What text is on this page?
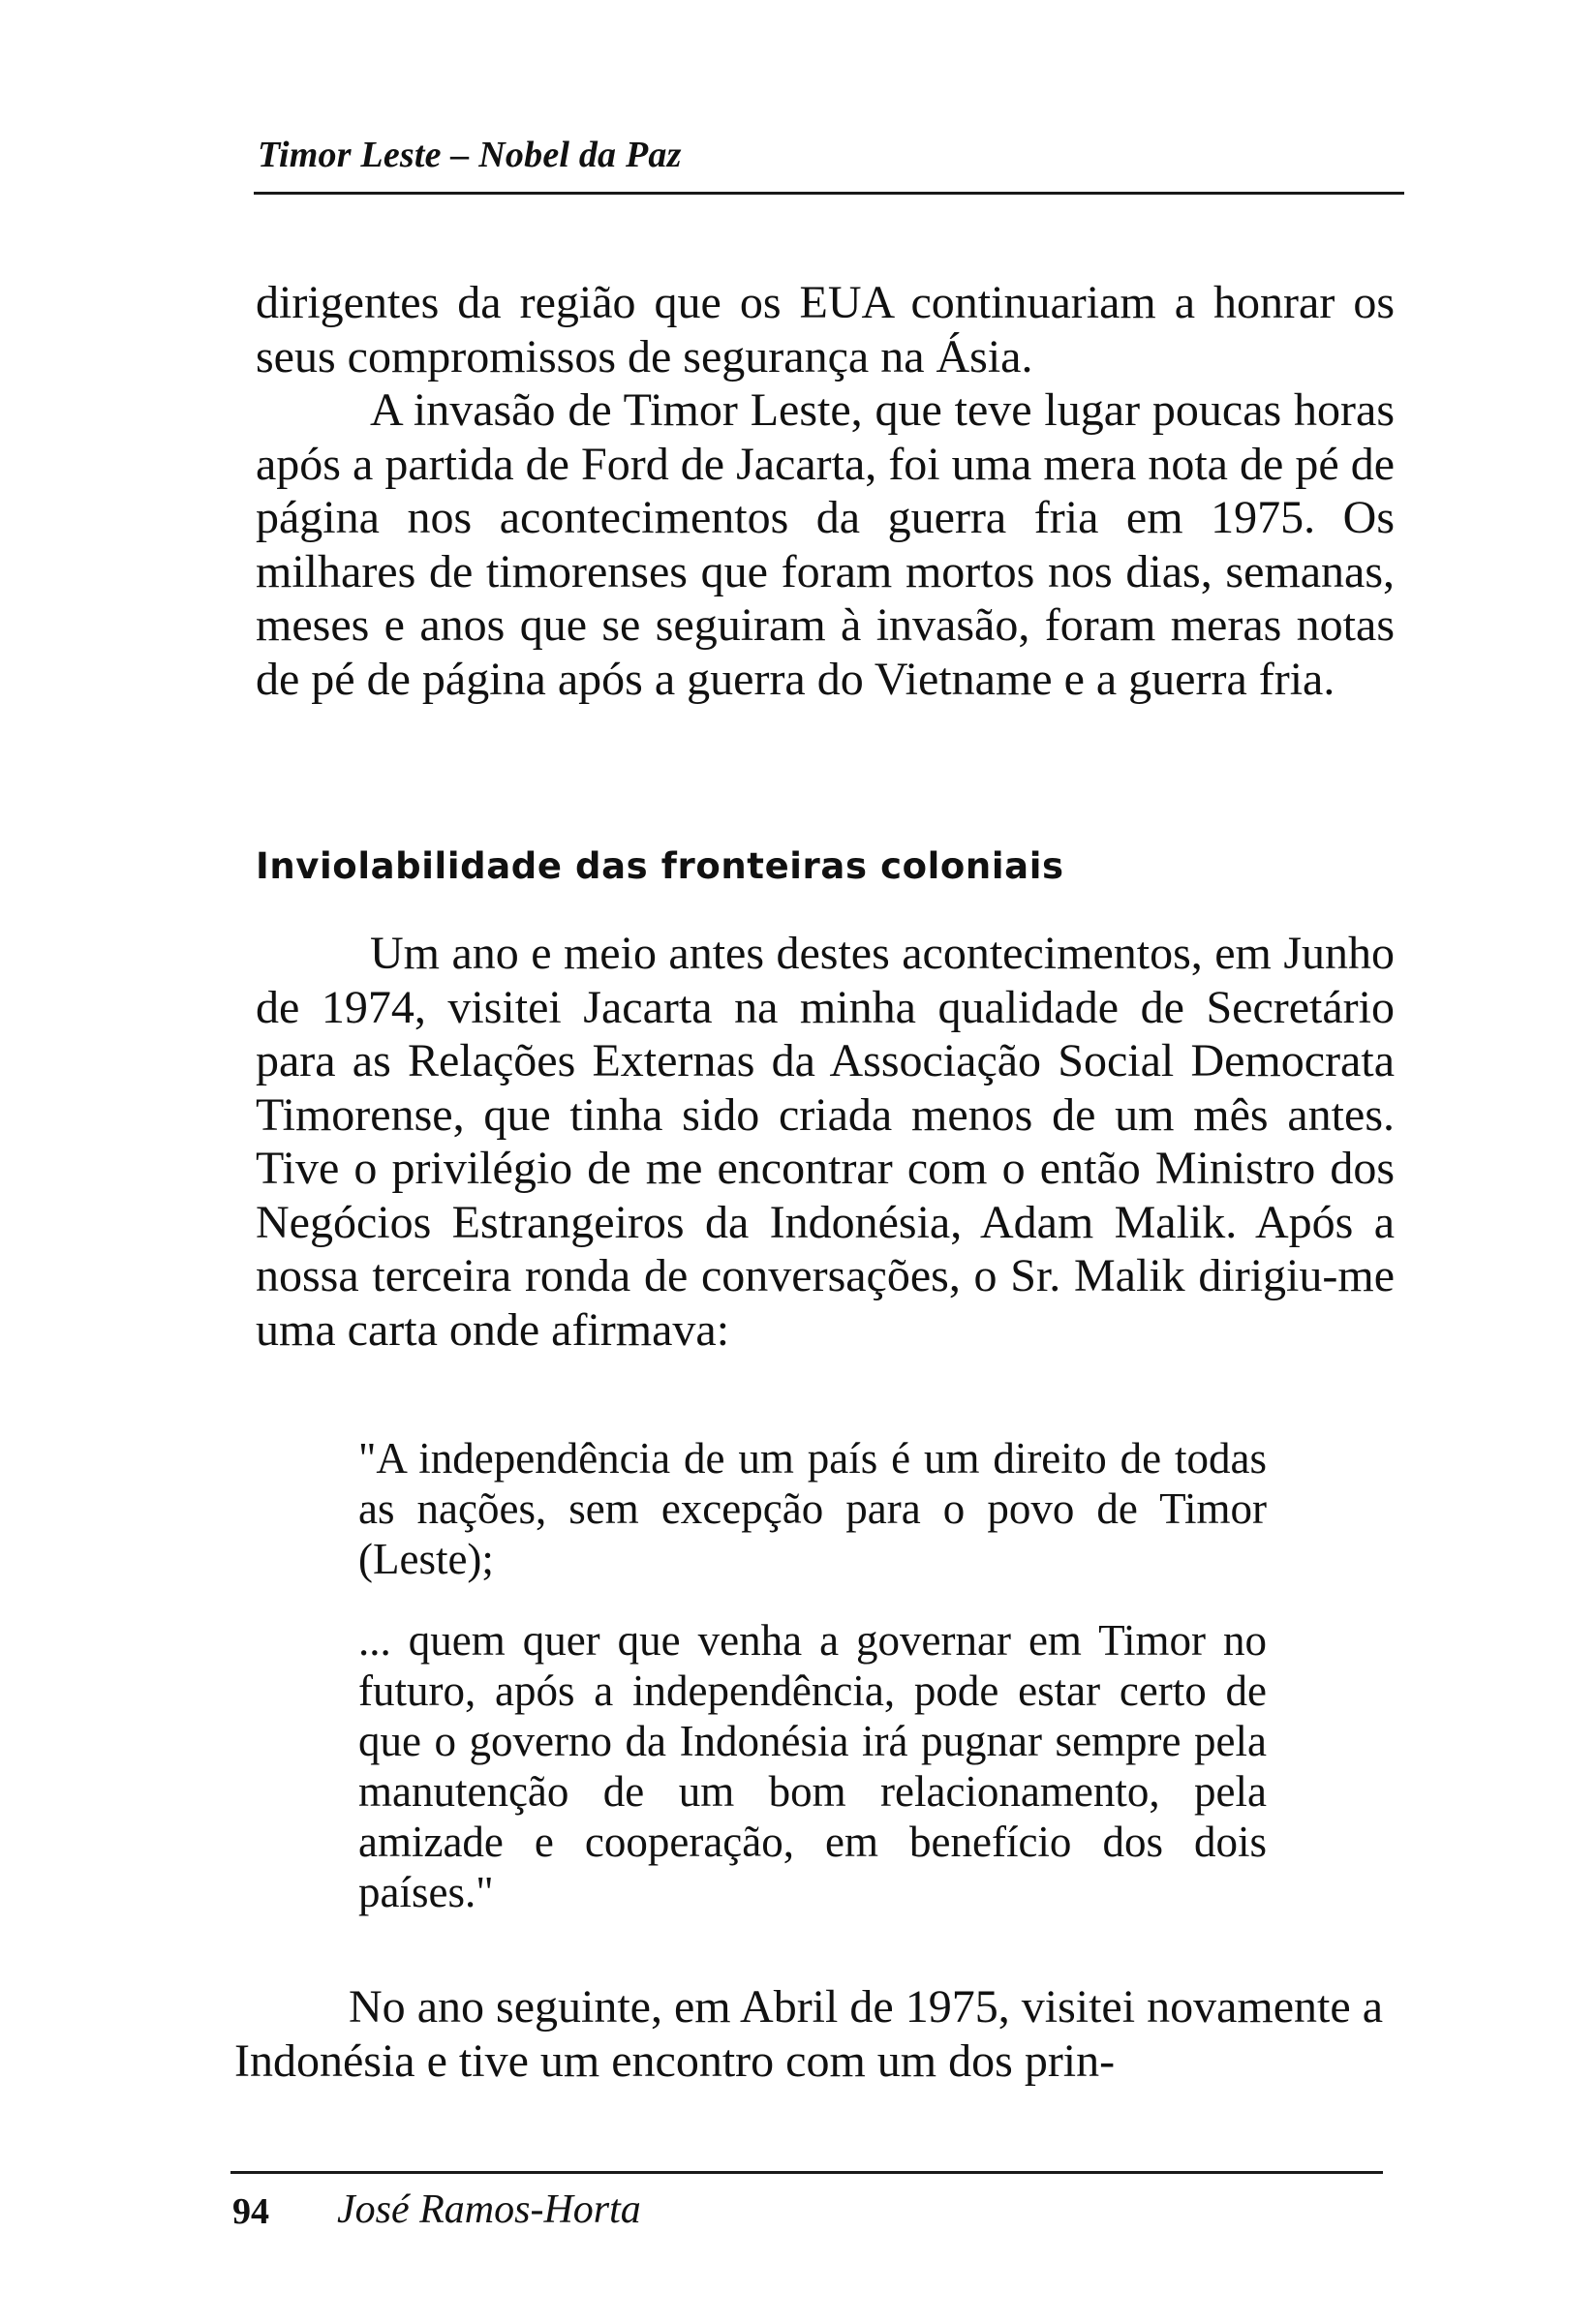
Timor Leste – Nobel da Paz

dirigentes da região que os EUA continuariam a honrar os seus compromissos de segurança na Ásia.

A invasão de Timor Leste, que teve lugar poucas horas após a partida de Ford de Jacarta, foi uma mera nota de pé de página nos acontecimentos da guerra fria em 1975. Os milhares de timorenses que foram mortos nos dias, semanas, meses e anos que se seguiram à invasão, foram meras notas de pé de página após a guerra do Vietname e a guerra fria.

Inviolabilidade das fronteiras coloniais

Um ano e meio antes destes acontecimentos, em Junho de 1974, visitei Jacarta na minha qualidade de Secretário para as Relações Externas da Associação Social Democrata Timorense, que tinha sido criada menos de um mês antes. Tive o privilégio de me encontrar com o então Ministro dos Negócios Estrangeiros da Indonésia, Adam Malik. Após a nossa terceira ronda de conversações, o Sr. Malik dirigiu-me uma carta onde afirmava:

"A independência de um país é um direito de todas as nações, sem excepção para o povo de Timor (Leste);

... quem quer que venha a governar em Timor no futuro, após a independência, pode estar certo de que o governo da Indonésia irá pugnar sempre pela manutenção de um bom relacionamento, pela amizade e cooperação, em benefício dos dois países."

No ano seguinte, em Abril de 1975, visitei novamente a Indonésia e tive um encontro com um dos prin-

94 José Ramos-Horta
